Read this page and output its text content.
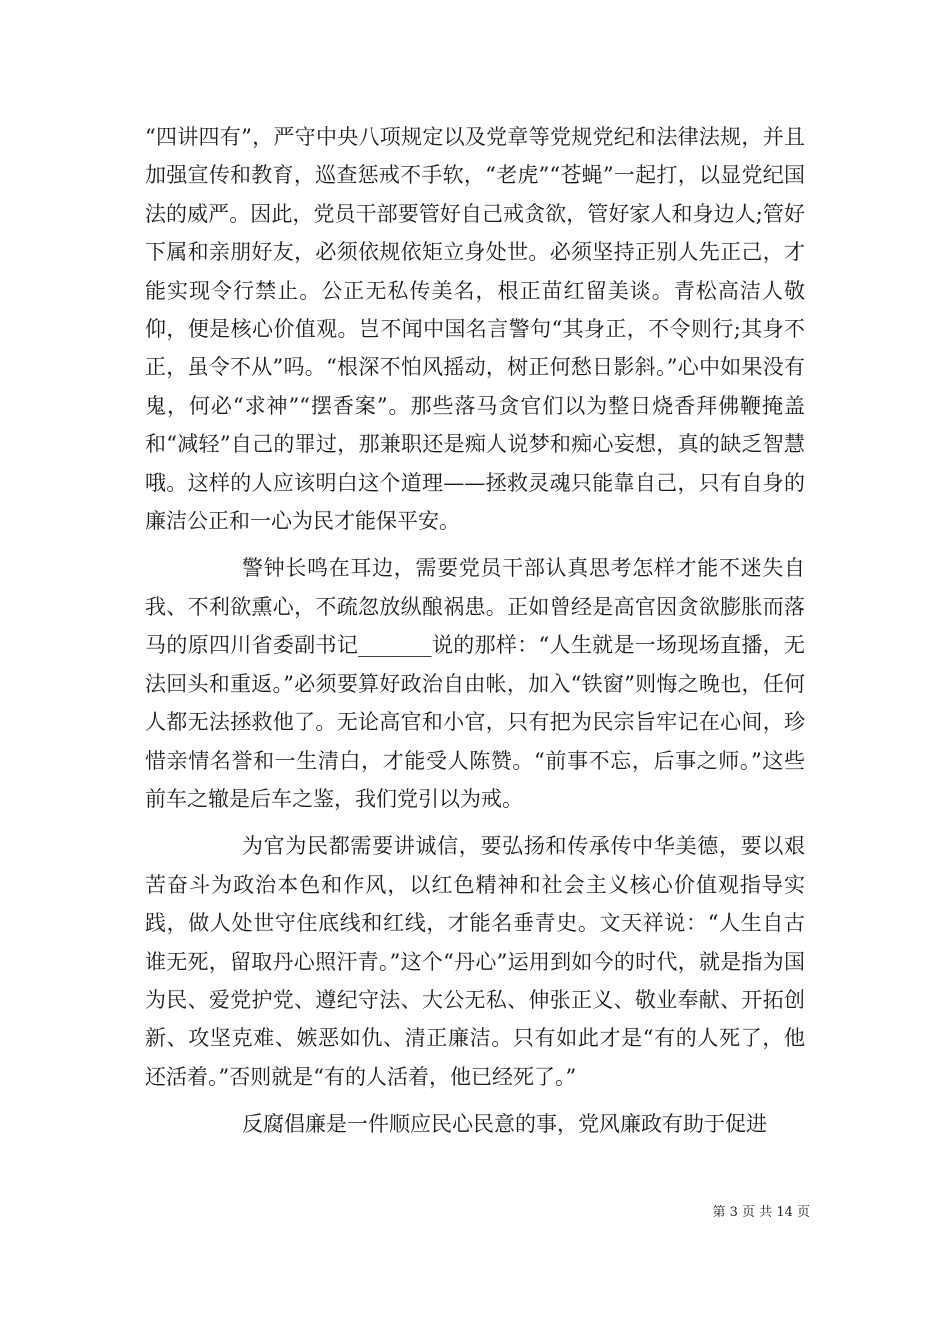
“四讲四有”，严守中央八项规定以及党章等党规党纪和法律法规，并且加强宣传和教育，巡查惩戒不手软，“老虎”“苍蝇”一起打，以显党纪国法的威严。因此，党员干部要管好自己戒贪欲，管好家人和身边人;管好下属和亲朋好友，必须依规依矩立身处世。必须坚持正别人先正己，才能实现令行禁止。公正无私传美名，根正苗红留美谈。青松高洁人敬仰，便是核心价值观。岂不闻中国名言警句“其身正，不令则行;其身不正，虽令不从”吗。“根深不怕风摇动，树正何愁日影斜。”心中如果没有鬼，何必“求神”“摆香案”。那些落马贪官们以为整日烧香拜佛鞭掩盖和“减轻”自己的罪过，那兼职还是痴人说梦和痴心妄想，真的缺乏智慧哦。这样的人应该明白这个道理——拯救灵魂只能靠自己，只有自身的廉洁公正和一心为民才能保平安。

警钟长鸣在耳边，需要党员干部认真思考怎样才能不迷失自我、不利欲熏心，不疏忽放纵酿祸患。正如曾经是高官因贪欲膨胀而落马的原四川省委副书记_______说的那样：“人生就是一场现场直播，无法回头和重返。”必须要算好政治自由帐，加入“铁窗”则悔之晚也，任何人都无法拯救他了。无论高官和小官，只有把为民宗旨牢记在心间，珍惜亲情名誉和一生清白，才能受人陈赞。“前事不忘，后事之师。”这些前车之辙是后车之鉴，我们党引以为戒。

为官为民都需要讲诚信，要弘扬和传承传中华美德，要以艰苦奋斗为政治本色和作风，以红色精神和社会主义核心价值观指导实践，做人处世守住底线和红线，才能名垂青史。文天祥说：“人生自古谁无死，留取丹心照汗青。”这个“丹心”运用到如今的时代，就是指为国为民、爱党护党、遵纪守法、大公无私、伸张正义、敬业奉献、开拓创新、攻坚克难、嫉恶如仇、清正廉洁。只有如此才是“有的人死了，他还活着。”否则就是“有的人活着，他已经死了。”

反腐倡廉是一件顺应民心民意的事，党风廉政有助于促进

第 3 页 共 14 页
